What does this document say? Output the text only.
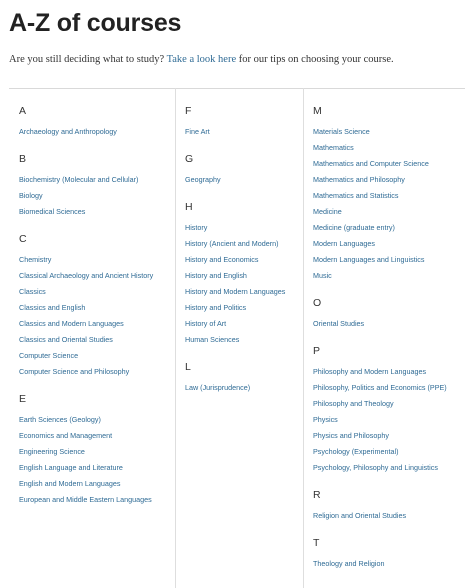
A-Z of courses
Are you still deciding what to study? Take a look here for our tips on choosing your course.
A
Archaeology and Anthropology
B
Biochemistry (Molecular and Cellular)
Biology
Biomedical Sciences
C
Chemistry
Classical Archaeology and Ancient History
Classics
Classics and English
Classics and Modern Languages
Classics and Oriental Studies
Computer Science
Computer Science and Philosophy
E
Earth Sciences (Geology)
Economics and Management
Engineering Science
English Language and Literature
English and Modern Languages
European and Middle Eastern Languages
F
Fine Art
G
Geography
H
History
History (Ancient and Modern)
History and Economics
History and English
History and Modern Languages
History and Politics
History of Art
Human Sciences
L
Law (Jurisprudence)
M
Materials Science
Mathematics
Mathematics and Computer Science
Mathematics and Philosophy
Mathematics and Statistics
Medicine
Medicine (graduate entry)
Modern Languages
Modern Languages and Linguistics
Music
O
Oriental Studies
P
Philosophy and Modern Languages
Philosophy, Politics and Economics (PPE)
Philosophy and Theology
Physics
Physics and Philosophy
Psychology (Experimental)
Psychology, Philosophy and Linguistics
R
Religion and Oriental Studies
T
Theology and Religion
